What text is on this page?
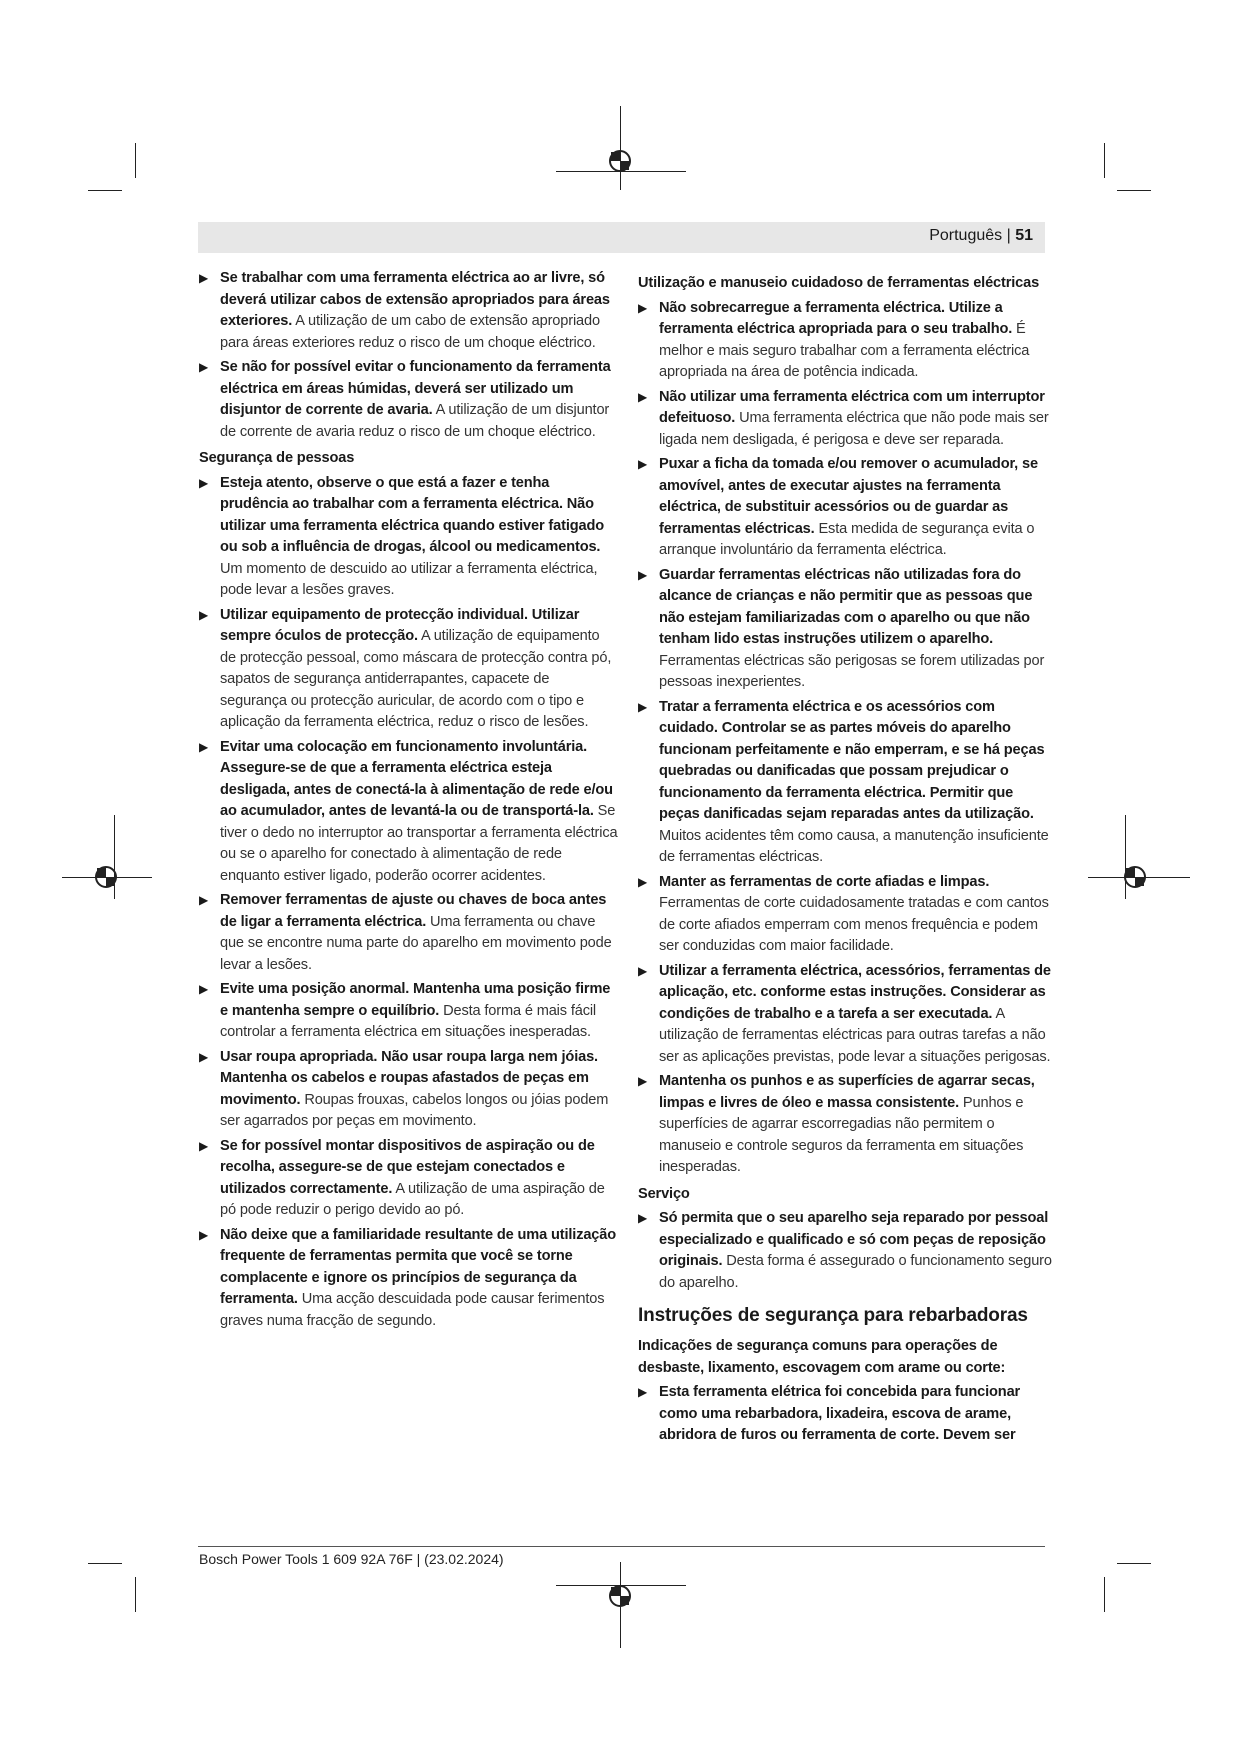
Português | 51
▶ Se trabalhar com uma ferramenta eléctrica ao ar livre, só deverá utilizar cabos de extensão apropriados para áreas exteriores. A utilização de um cabo de extensão apropriado para áreas exteriores reduz o risco de um choque eléctrico.
▶ Se não for possível evitar o funcionamento da ferramenta eléctrica em áreas húmidas, deverá ser utilizado um disjuntor de corrente de avaria. A utilização de um disjuntor de corrente de avaria reduz o risco de um choque eléctrico.
Segurança de pessoas
▶ Esteja atento, observe o que está a fazer e tenha prudência ao trabalhar com a ferramenta eléctrica. Não utilizar uma ferramenta eléctrica quando estiver fatigado ou sob a influência de drogas, álcool ou medicamentos. Um momento de descuido ao utilizar a ferramenta eléctrica, pode levar a lesões graves.
▶ Utilizar equipamento de protecção individual. Utilizar sempre óculos de protecção. A utilização de equipamento de protecção pessoal, como máscara de protecção contra pó, sapatos de segurança antiderrapantes, capacete de segurança ou protecção auricular, de acordo com o tipo e aplicação da ferramenta eléctrica, reduz o risco de lesões.
▶ Evitar uma colocação em funcionamento involuntária. Assegure-se de que a ferramenta eléctrica esteja desligada, antes de conectá-la à alimentação de rede e/ou ao acumulador, antes de levantá-la ou de transportá-la. Se tiver o dedo no interruptor ao transportar a ferramenta eléctrica ou se o aparelho for conectado à alimentação de rede enquanto estiver ligado, poderão ocorrer acidentes.
▶ Remover ferramentas de ajuste ou chaves de boca antes de ligar a ferramenta eléctrica. Uma ferramenta ou chave que se encontre numa parte do aparelho em movimento pode levar a lesões.
▶ Evite uma posição anormal. Mantenha uma posição firme e mantenha sempre o equilíbrio. Desta forma é mais fácil controlar a ferramenta eléctrica em situações inesperadas.
▶ Usar roupa apropriada. Não usar roupa larga nem jóias. Mantenha os cabelos e roupas afastados de peças em movimento. Roupas frouxas, cabelos longos ou jóias podem ser agarrados por peças em movimento.
▶ Se for possível montar dispositivos de aspiração ou de recolha, assegure-se de que estejam conectados e utilizados correctamente. A utilização de uma aspiração de pó pode reduzir o perigo devido ao pó.
▶ Não deixe que a familiaridade resultante de uma utilização frequente de ferramentas permita que você se torne complacente e ignore os princípios de segurança da ferramenta. Uma acção descuidada pode causar ferimentos graves numa fracção de segundo.
Utilização e manuseio cuidadoso de ferramentas eléctricas
▶ Não sobrecarregue a ferramenta eléctrica. Utilize a ferramenta eléctrica apropriada para o seu trabalho. É melhor e mais seguro trabalhar com a ferramenta eléctrica apropriada na área de potência indicada.
▶ Não utilizar uma ferramenta eléctrica com um interruptor defeituoso. Uma ferramenta eléctrica que não pode mais ser ligada nem desligada, é perigosa e deve ser reparada.
▶ Puxar a ficha da tomada e/ou remover o acumulador, se amovível, antes de executar ajustes na ferramenta eléctrica, de substituir acessórios ou de guardar as ferramentas eléctricas. Esta medida de segurança evita o arranque involuntário da ferramenta eléctrica.
▶ Guardar ferramentas eléctricas não utilizadas fora do alcance de crianças e não permitir que as pessoas que não estejam familiarizadas com o aparelho ou que não tenham lido estas instruções utilizem o aparelho. Ferramentas eléctricas são perigosas se forem utilizadas por pessoas inexperientes.
▶ Tratar a ferramenta eléctrica e os acessórios com cuidado. Controlar se as partes móveis do aparelho funcionam perfeitamente e não emperram, e se há peças quebradas ou danificadas que possam prejudicar o funcionamento da ferramenta eléctrica. Permitir que peças danificadas sejam reparadas antes da utilização. Muitos acidentes têm como causa, a manutenção insuficiente de ferramentas eléctricas.
▶ Manter as ferramentas de corte afiadas e limpas. Ferramentas de corte cuidadosamente tratadas e com cantos de corte afiados emperram com menos frequência e podem ser conduzidas com maior facilidade.
▶ Utilizar a ferramenta eléctrica, acessórios, ferramentas de aplicação, etc. conforme estas instruções. Considerar as condições de trabalho e a tarefa a ser executada. A utilização de ferramentas eléctricas para outras tarefas a não ser as aplicações previstas, pode levar a situações perigosas.
▶ Mantenha os punhos e as superfícies de agarrar secas, limpas e livres de óleo e massa consistente. Punhos e superfícies de agarrar escorregadias não permitem o manuseio e controle seguros da ferramenta em situações inesperadas.
Serviço
▶ Só permita que o seu aparelho seja reparado por pessoal especializado e qualificado e só com peças de reposição originais. Desta forma é assegurado o funcionamento seguro do aparelho.
Instruções de segurança para rebarbadoras
Indicações de segurança comuns para operações de desbaste, lixamento, escovagem com arame ou corte:
▶ Esta ferramenta elétrica foi concebida para funcionar como uma rebarbadora, lixadeira, escova de arame, abridora de furos ou ferramenta de corte. Devem ser
Bosch Power Tools 1 609 92A 76F | (23.02.2024)
